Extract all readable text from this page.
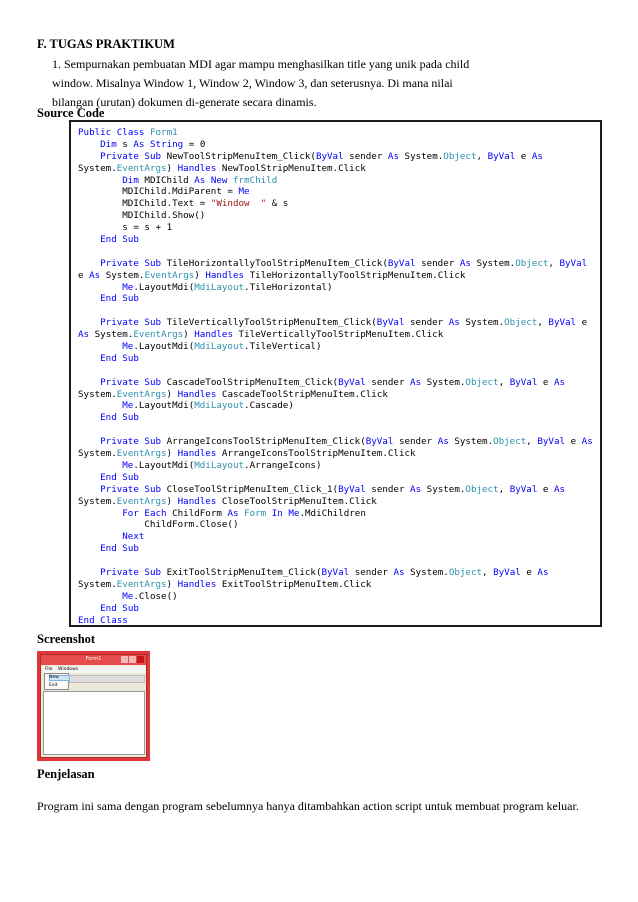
F. TUGAS PRAKTIKUM
1. Sempurnakan pembuatan MDI agar mampu menghasilkan title yang unik pada child
window. Misalnya Window 1, Window 2, Window 3, dan seterusnya. Di mana nilai
bilangan (urutan) dokumen di-generate secara dinamis.
Source Code
Public Class Form1
Dim s As String = 0
Private Sub NewToolStripMenuItem_Click(ByVal sender As System.Object, ByVal e As
System.EventArgs) Handles NewToolStripMenuItem.Click
Dim MDIChild As New frmChild
MDIChild.MdiParent = Me
MDIChild.Text = "Window  " & s
MDIChild.Show()
s = s + 1
End Sub

Private Sub TileHorizontallyToolStripMenuItem_Click(ByVal sender As System.Object, ByVal
e As System.EventArgs) Handles TileHorizontallyToolStripMenuItem.Click
Me.LayoutMdi(MdiLayout.TileHorizontal)
End Sub

Private Sub TileVerticallyToolStripMenuItem_Click(ByVal sender As System.Object, ByVal e
As System.EventArgs) Handles TileVerticallyToolStripMenuItem.Click
Me.LayoutMdi(MdiLayout.TileVertical)
End Sub

Private Sub CascadeToolStripMenuItem_Click(ByVal sender As System.Object, ByVal e As
System.EventArgs) Handles CascadeToolStripMenuItem.Click
Me.LayoutMdi(MdiLayout.Cascade)
End Sub

Private Sub ArrangeIconsToolStripMenuItem_Click(ByVal sender As System.Object, ByVal e As
System.EventArgs) Handles ArrangeIconsToolStripMenuItem.Click
Me.LayoutMdi(MdiLayout.ArrangeIcons)
End Sub
Private Sub CloseToolStripMenuItem_Click_1(ByVal sender As System.Object, ByVal e As
System.EventArgs) Handles CloseToolStripMenuItem.Click
For Each ChildForm As Form In Me.MdiChildren
ChildForm.Close()
Next
End Sub

Private Sub ExitToolStripMenuItem_Click(ByVal sender As System.Object, ByVal e As
System.EventArgs) Handles ExitToolStripMenuItem.Click
Me.Close()
End Sub
End Class
Screenshot
Form1
File Windows
New
Exit
Penjelasan
Program ini sama dengan program sebelumnya hanya ditambahkan action script untuk membuat program keluar.
